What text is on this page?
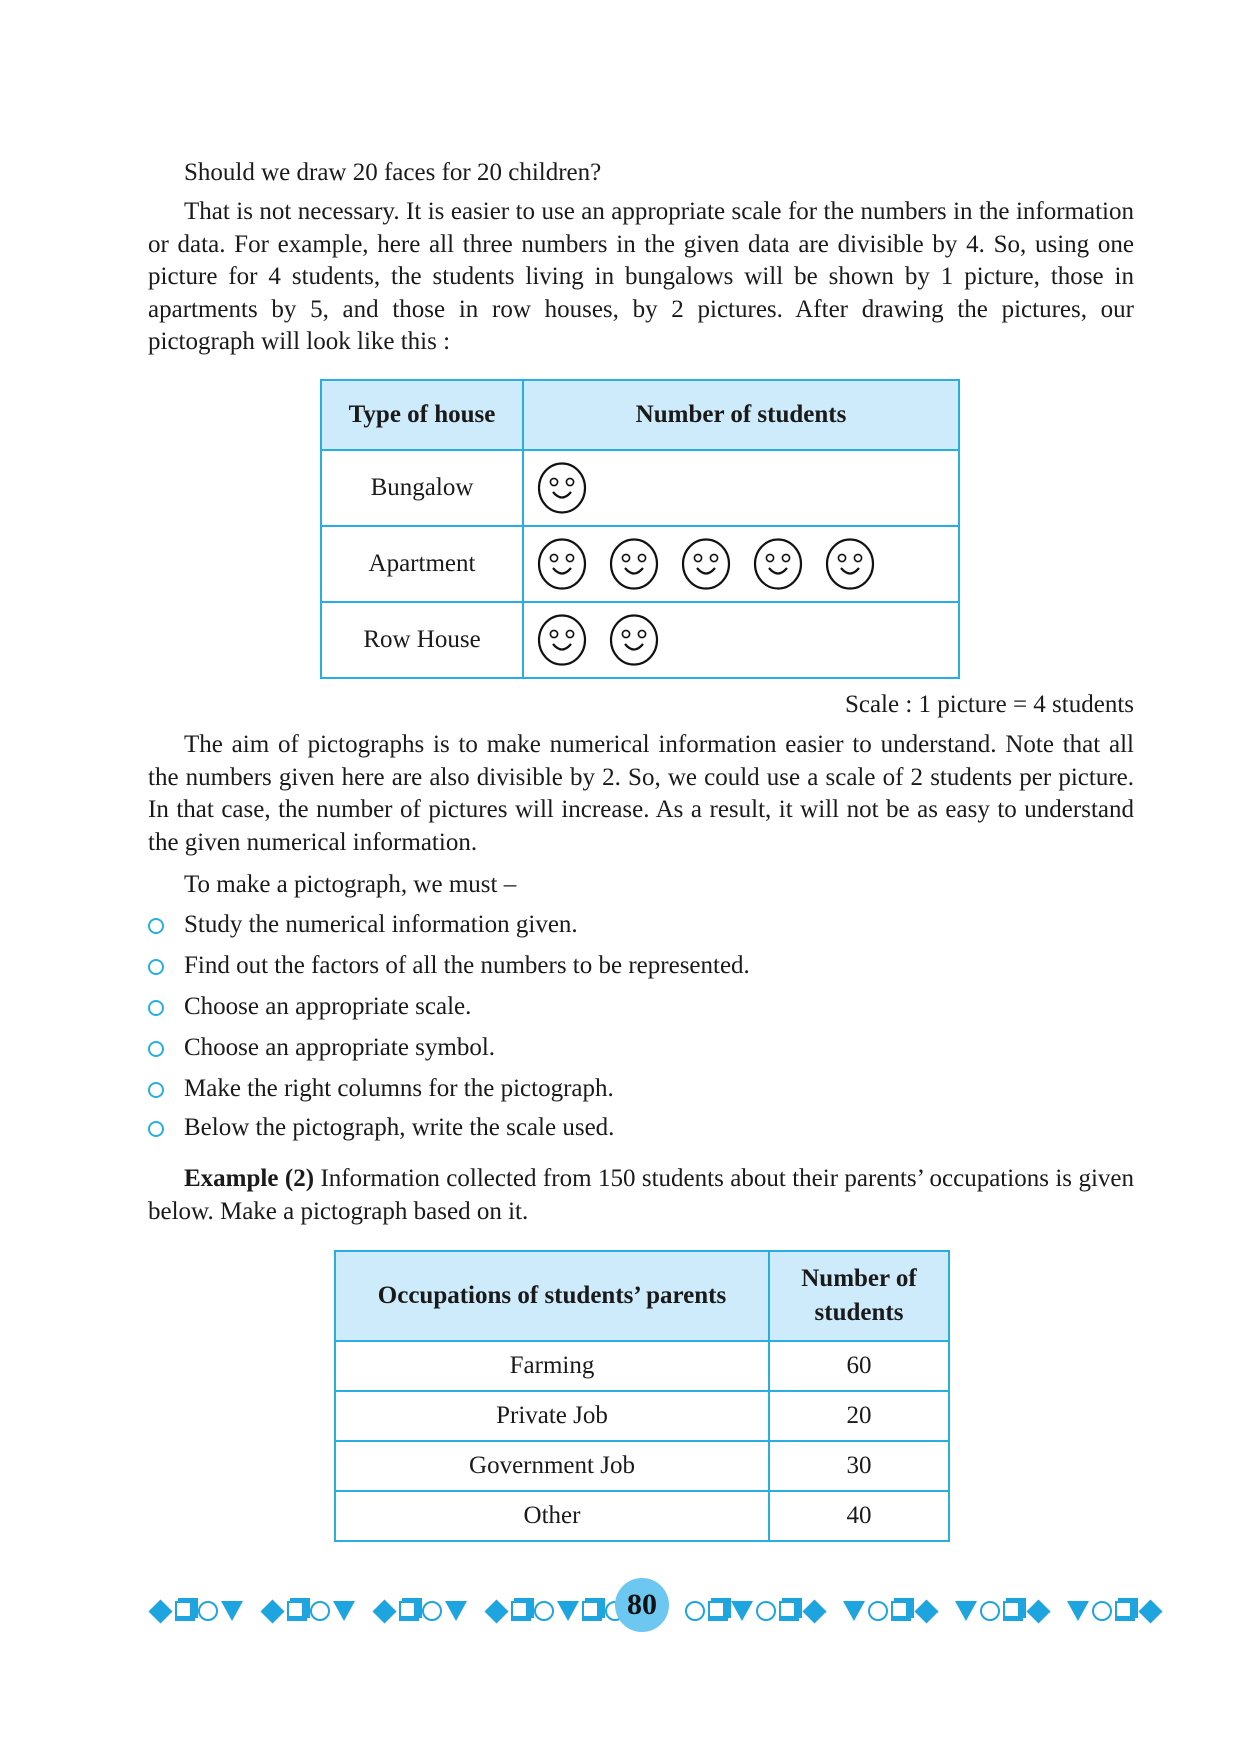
Should we draw 20 faces for 20 children?

That is not necessary. It is easier to use an appropriate scale for the numbers in the information or data. For example, here all three numbers in the given data are divisible by 4. So, using one picture for 4 students, the students living in bungalows will be shown by 1 picture, those in apartments by 5, and those in row houses, by 2 pictures. After drawing the pictures, our pictograph will look like this :

Type of house	Number of students
Bungalow	

Apartment	

Row House	

Scale : 1 picture = 4 students

The aim of pictographs is to make numerical information easier to understand. Note that all the numbers given here are also divisible by 2. So, we could use a scale of 2 students per picture. In that case, the number of pictures will increase. As a result, it will not be as easy to understand the given numerical information.

To make a pictograph, we must –

Study the numerical information given.

Find out the factors of all the numbers to be represented.

Choose an appropriate scale.

Choose an appropriate symbol.

Make the right columns for the pictograph.

Below the pictograph, write the scale used.

Example (2) Information collected from 150 students about their parents’ occupations is given below. Make a pictograph based on it.

Occupations of students’ parents	Number of students
Farming	60
Private Job	20
Government Job	30
Other	40
80
